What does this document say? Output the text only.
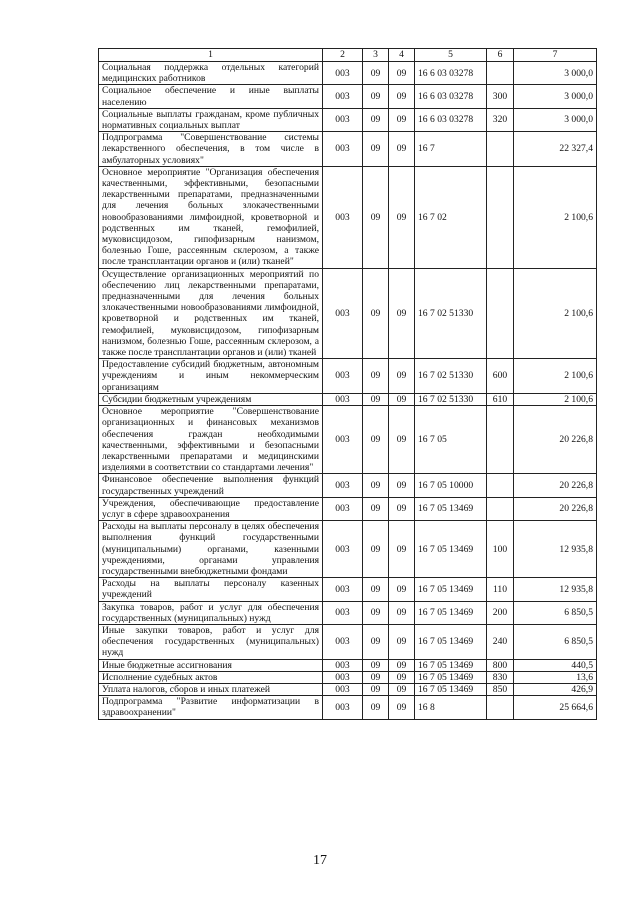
1	2	3	4	5	6	7
Социальная поддержка отдельных категорий медицинских работников	003	09	09	16 6 03 03278		3 000,0
Социальное обеспечение и иные выплаты населению	003	09	09	16 6 03 03278	300	3 000,0
Социальные выплаты гражданам, кроме публичных нормативных социальных выплат	003	09	09	16 6 03 03278	320	3 000,0
Подпрограмма "Совершенствование системы лекарственного обеспечения, в том числе в амбулаторных условиях"	003	09	09	16 7		22 327,4
Основное мероприятие "Организация обеспечения качественными, эффективными, безопасными лекарственными препаратами, предназначенными для лечения больных злокачественными новообразованиями лимфоидной, кроветворной и родственных им тканей, гемофилией, муковисцидозом, гипофизарным нанизмом, болезнью Гоше, рассеянным склерозом, а также после трансплантации органов и (или) тканей"	003	09	09	16 7 02		2 100,6
Осуществление организационных мероприятий по обеспечению лиц лекарственными препаратами, предназначенными для лечения больных злокачественными новообразованиями лимфоидной, кроветворной и родственных им тканей, гемофилией, муковисцидозом, гипофизарным нанизмом, болезнью Гоше, рассеянным склерозом, а также после трансплантации органов и (или) тканей	003	09	09	16 7 02 51330		2 100,6
Предоставление субсидий бюджетным, автономным учреждениям и иным некоммерческим организациям	003	09	09	16 7 02 51330	600	2 100,6
Субсидии бюджетным учреждениям	003	09	09	16 7 02 51330	610	2 100,6
Основное мероприятие "Совершенствование организационных и финансовых механизмов обеспечения граждан необходимыми качественными, эффективными и безопасными лекарственными препаратами и медицинскими изделиями в соответствии со стандартами лечения"	003	09	09	16 7 05		20 226,8
Финансовое обеспечение выполнения функций государственных учреждений	003	09	09	16 7 05 10000		20 226,8
Учреждения, обеспечивающие предоставление услуг в сфере здравоохранения	003	09	09	16 7 05 13469		20 226,8
Расходы на выплаты персоналу в целях обеспечения выполнения функций государственными (муниципальными) органами, казенными учреждениями, органами управления государственными внебюджетными фондами	003	09	09	16 7 05 13469	100	12 935,8
Расходы на выплаты персоналу казенных учреждений	003	09	09	16 7 05 13469	110	12 935,8
Закупка товаров, работ и услуг для обеспечения государственных (муниципальных) нужд	003	09	09	16 7 05 13469	200	6 850,5
Иные закупки товаров, работ и услуг для обеспечения государственных (муниципальных) нужд	003	09	09	16 7 05 13469	240	6 850,5
Иные бюджетные ассигнования	003	09	09	16 7 05 13469	800	440,5
Исполнение судебных актов	003	09	09	16 7 05 13469	830	13,6
Уплата налогов, сборов и иных платежей	003	09	09	16 7 05 13469	850	426,9
Подпрограмма "Развитие информатизации в здравоохранении"	003	09	09	16 8		25 664,6
17
